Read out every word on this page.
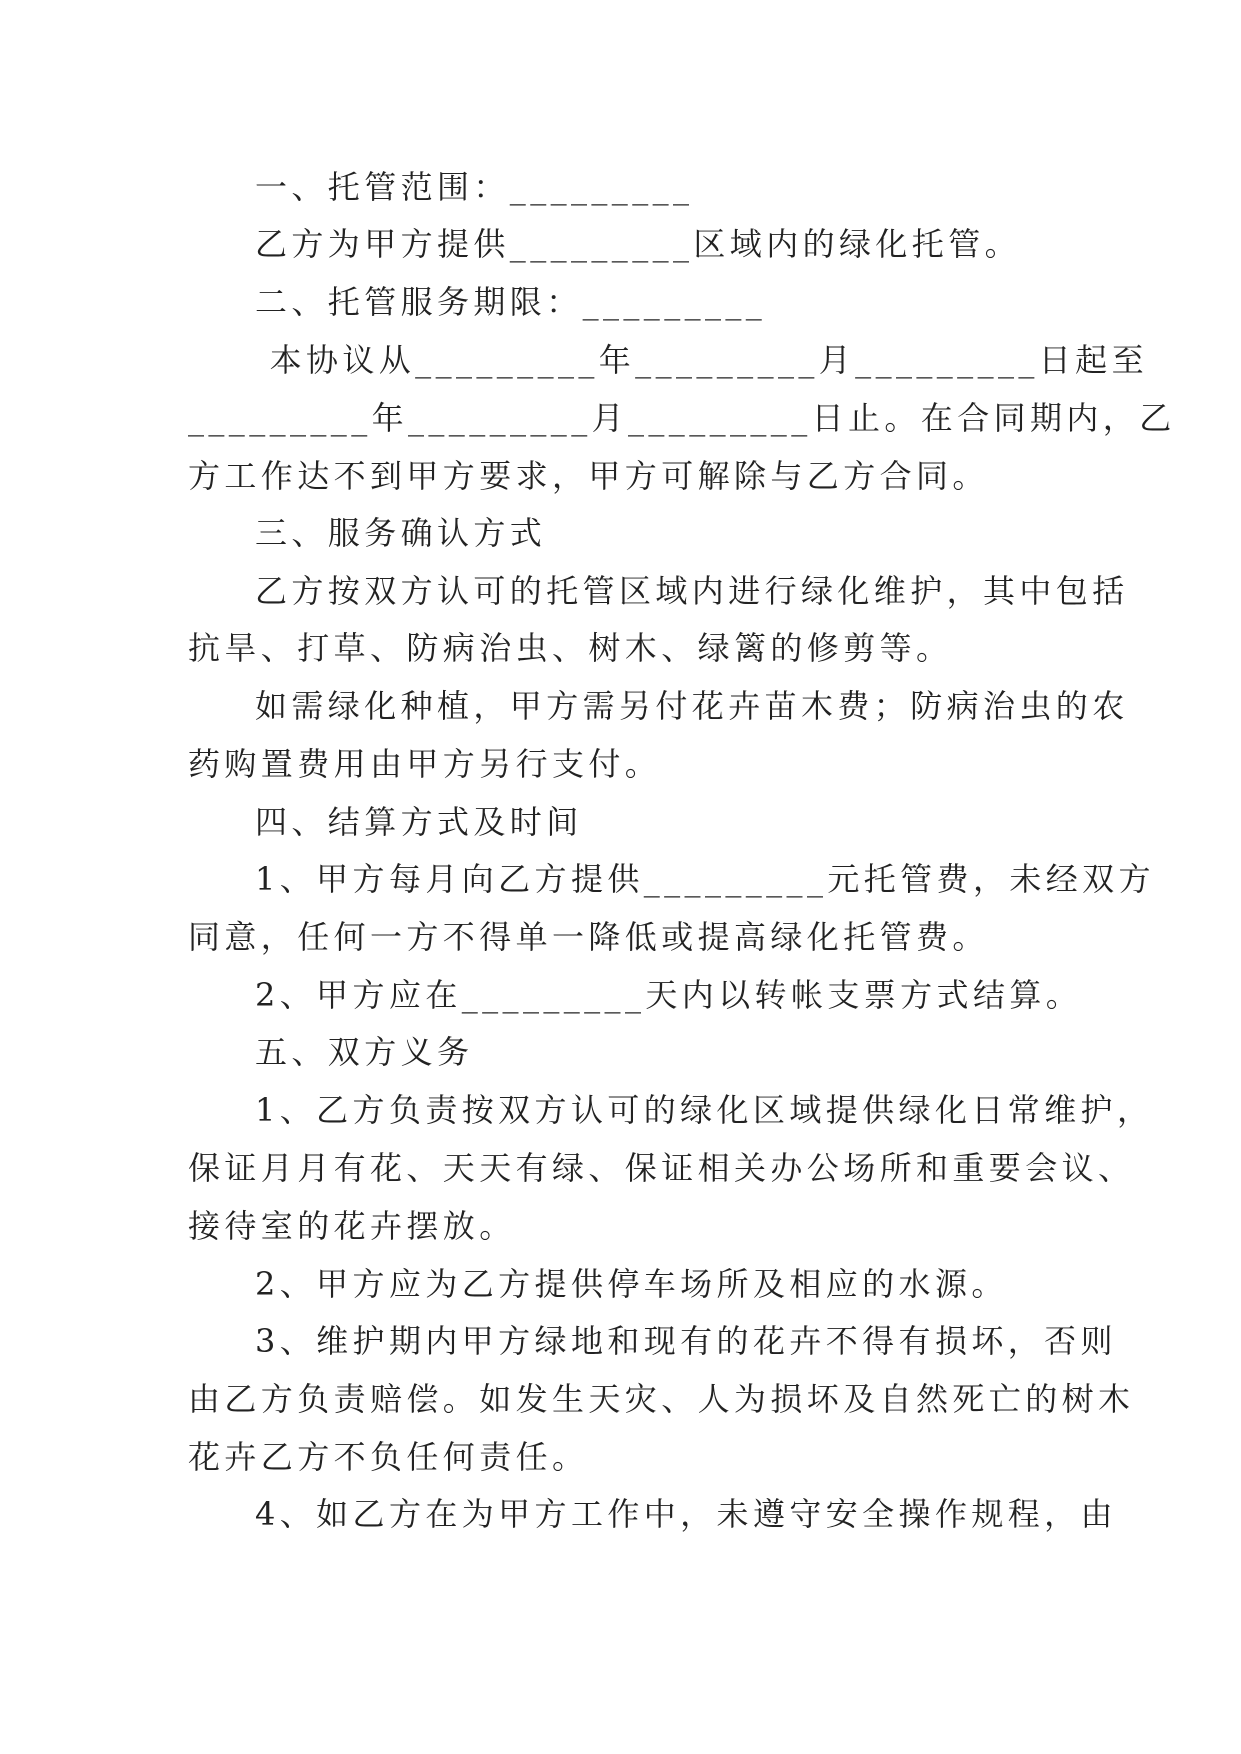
一、托管范围：_________
乙方为甲方提供_________区域内的绿化托管。
二、托管服务期限：_________
本协议从_________年_________月_________日起至
_________年_________月_________日止。在合同期内，乙
方工作达不到甲方要求，甲方可解除与乙方合同。
三、服务确认方式
乙方按双方认可的托管区域内进行绿化维护，其中包括
抗旱、打草、防病治虫、树木、绿篱的修剪等。
如需绿化种植，甲方需另付花卉苗木费；防病治虫的农
药购置费用由甲方另行支付。
四、结算方式及时间
1、甲方每月向乙方提供_________元托管费，未经双方
同意，任何一方不得单一降低或提高绿化托管费。
2、甲方应在_________天内以转帐支票方式结算。
五、双方义务
1、乙方负责按双方认可的绿化区域提供绿化日常维护，
保证月月有花、天天有绿、保证相关办公场所和重要会议、
接待室的花卉摆放。
2、甲方应为乙方提供停车场所及相应的水源。
3、维护期内甲方绿地和现有的花卉不得有损坏，否则
由乙方负责赔偿。如发生天灾、人为损坏及自然死亡的树木
花卉乙方不负任何责任。
4、如乙方在为甲方工作中，未遵守安全操作规程，由
